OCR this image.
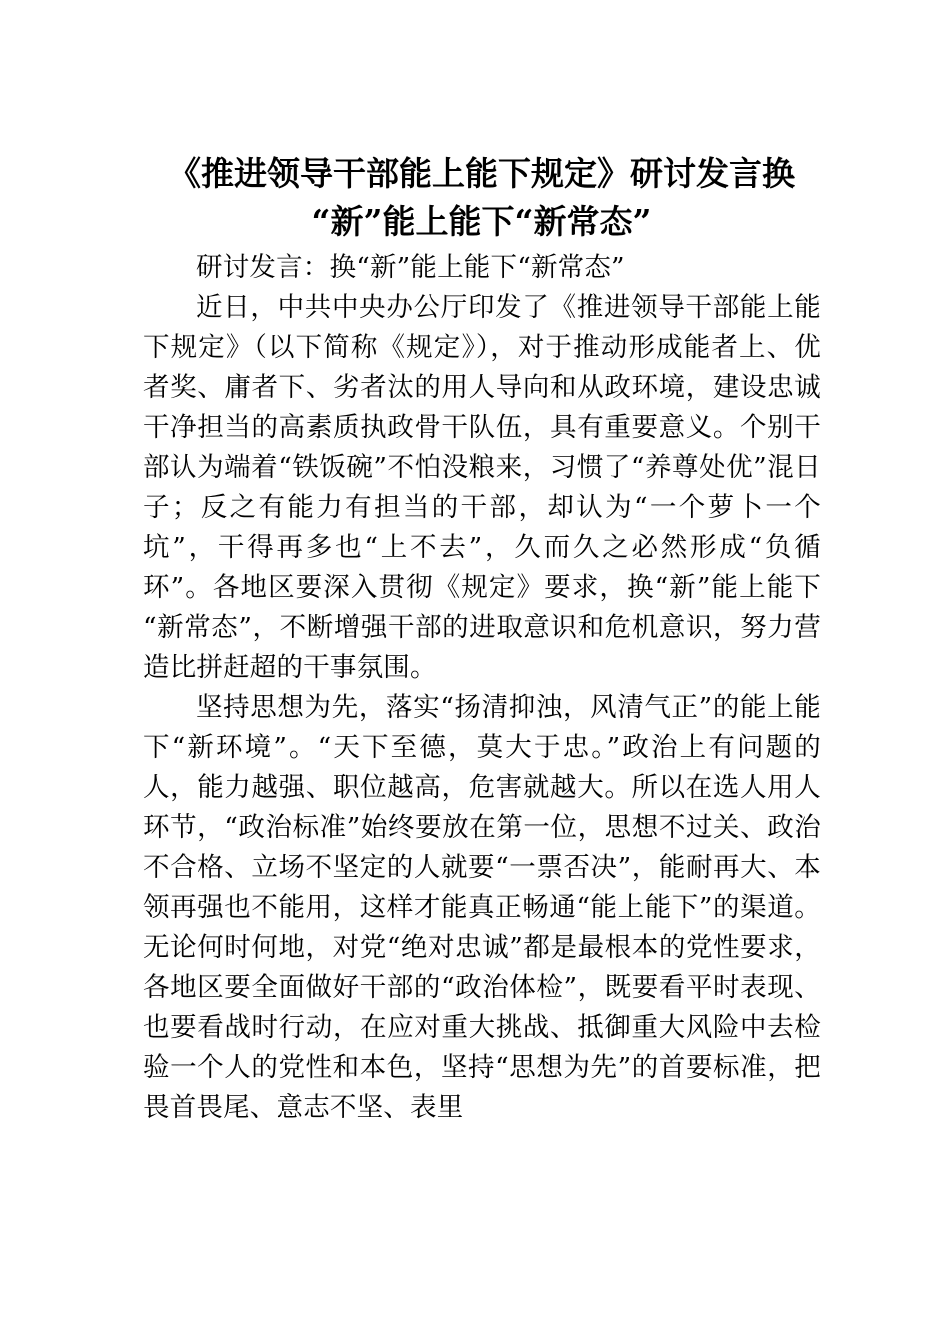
《推进领导干部能上能下规定》研讨发言换“新”能上能下“新常态”

研讨发言：换“新”能上能下“新常态”

近日，中共中央办公厅印发了《推进领导干部能上能下规定》（以下简称《规定》），对于推动形成能者上、优者奖、庸者下、劣者汰的用人导向和从政环境，建设忠诚干净担当的高素质执政骨干队伍，具有重要意义。个别干部认为端着“铁饭碗”不怕没粮来，习惯了“养尊处优”混日子；反之有能力有担当的干部，却认为“一个萝卜一个坑”，干得再多也“上不去”，久而久之必然形成“负循环”。各地区要深入贯彻《规定》要求，换“新”能上能下“新常态”，不断增强干部的进取意识和危机意识，努力营造比拼赶超的干事氛围。

坚持思想为先，落实“扬清抑浊，风清气正”的能上能下“新环境”。“天下至德，莫大于忠。”政治上有问题的人，能力越强、职位越高，危害就越大。所以在选人用人环节，“政治标准”始终要放在第一位，思想不过关、政治不合格、立场不坚定的人就要“一票否决”，能耐再大、本领再强也不能用，这样才能真正畅通“能上能下”的渠道。无论何时何地，对党“绝对忠诚”都是最根本的党性要求，各地区要全面做好干部的“政治体检”，既要看平时表现、也要看战时行动，在应对重大挑战、抵御重大风险中去检验一个人的党性和本色，坚持“思想为先”的首要标准，把畏首畏尾、意志不坚、表里
